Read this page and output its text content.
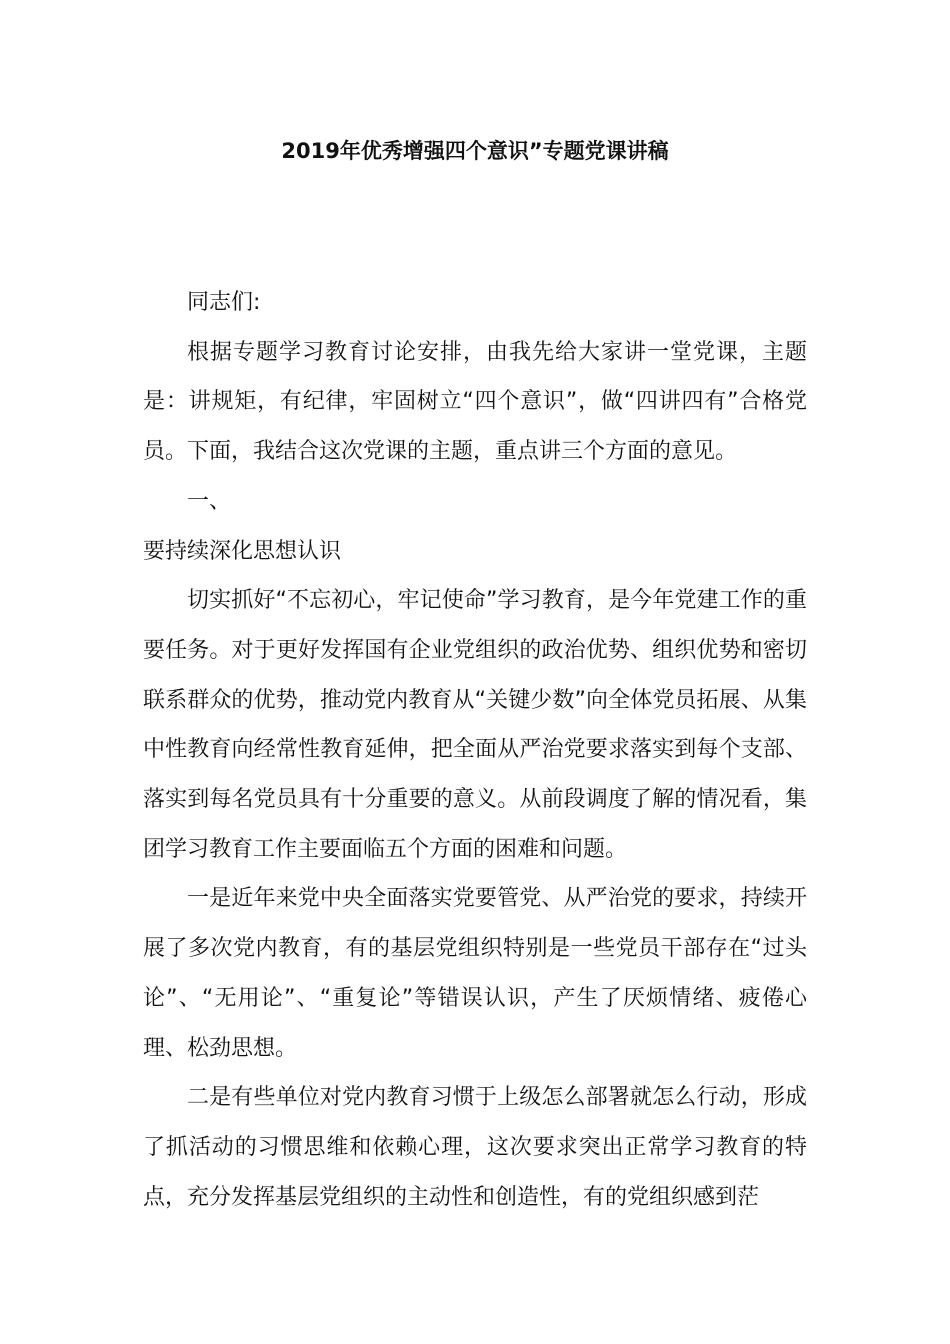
2019年优秀增强四个意识”专题党课讲稿

同志们:

根据专题学习教育讨论安排，由我先给大家讲一堂党课，主题是：讲规矩，有纪律，牢固树立“四个意识”，做“四讲四有”合格党员。下面，我结合这次党课的主题，重点讲三个方面的意见。

一、

要持续深化思想认识

切实抓好“不忘初心，牢记使命”学习教育，是今年党建工作的重要任务。对于更好发挥国有企业党组织的政治优势、组织优势和密切联系群众的优势，推动党内教育从“关键少数”向全体党员拓展、从集中性教育向经常性教育延伸，把全面从严治党要求落实到每个支部、落实到每名党员具有十分重要的意义。从前段调度了解的情况看，集团学习教育工作主要面临五个方面的困难和问题。

一是近年来党中央全面落实党要管党、从严治党的要求，持续开展了多次党内教育，有的基层党组织特别是一些党员干部存在“过头论”、“无用论”、“重复论”等错误认识，产生了厌烦情绪、疲倦心理、松劲思想。

二是有些单位对党内教育习惯于上级怎么部署就怎么行动，形成了抓活动的习惯思维和依赖心理，这次要求突出正常学习教育的特点，充分发挥基层党组织的主动性和创造性，有的党组织感到茫
